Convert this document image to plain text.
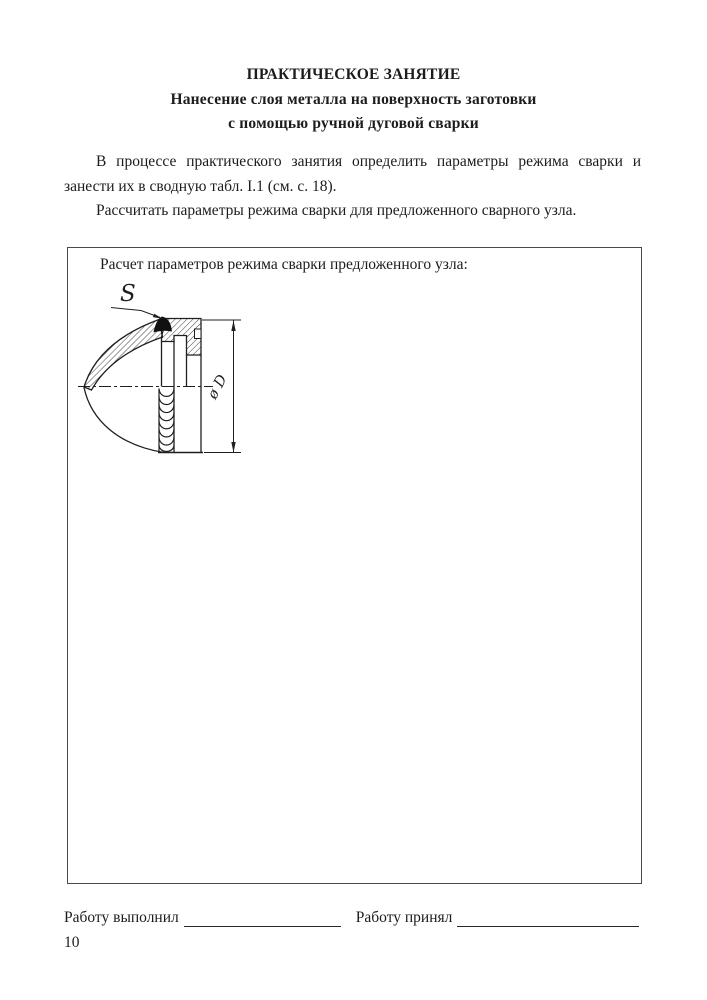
ПРАКТИЧЕСКОЕ ЗАНЯТИЕ
Нанесение слоя металла на поверхность заготовки
с помощью ручной дуговой сварки

В процессе практического занятия определить параметры режима сварки и занести их в сводную табл. I.1 (см. с. 18).

Рассчитать параметры режима сварки для предложенного сварного узла.

Расчет параметров режима сварки предложенного узла:
S
ø D
Работу выполнил	Работу принял
10
